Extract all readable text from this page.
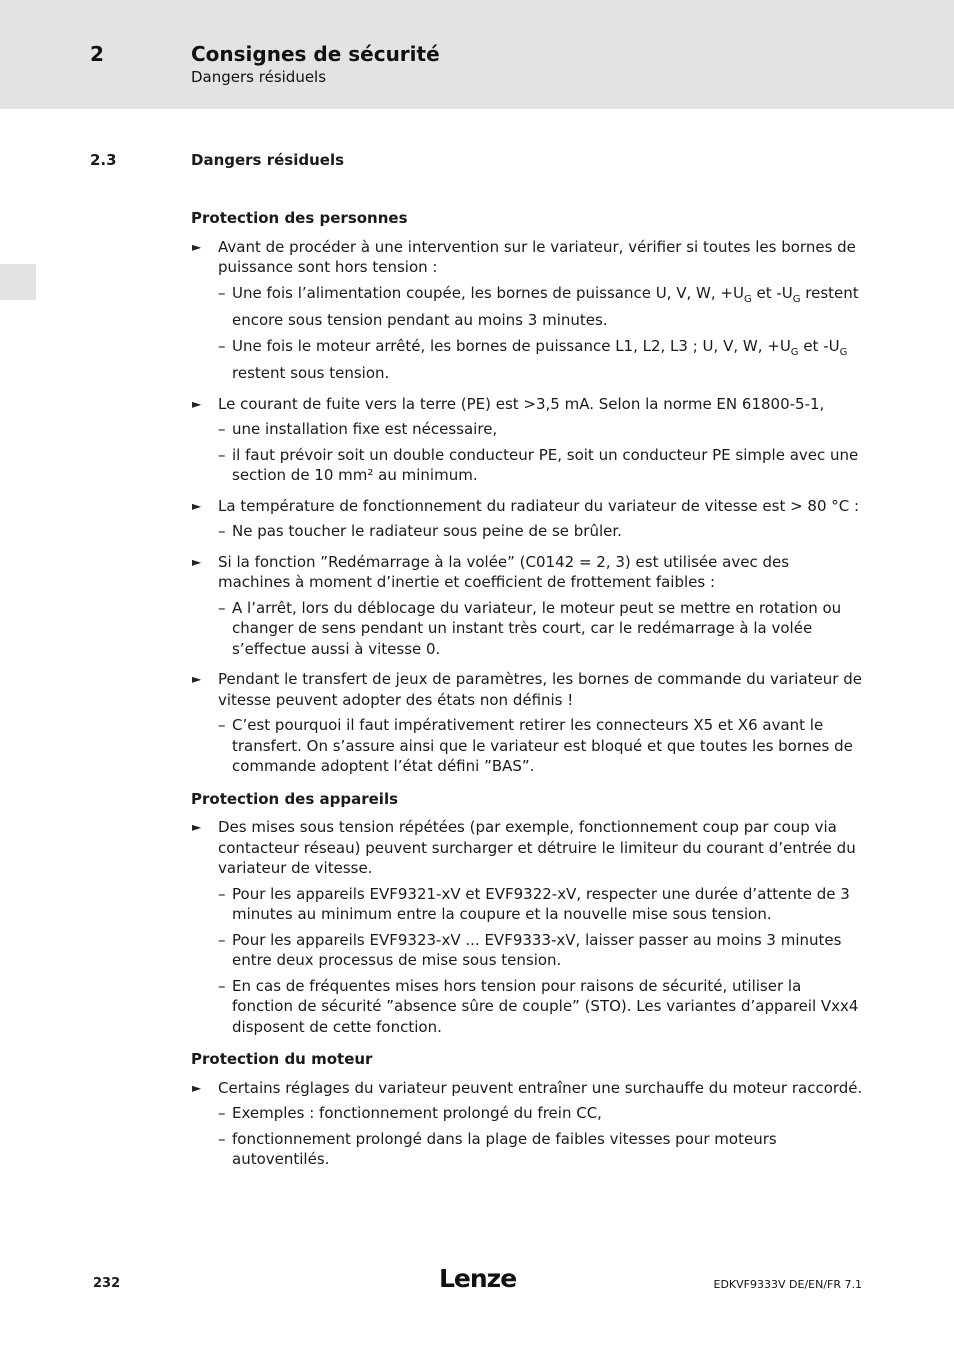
2	Consignes de sécurité
Dangers résiduels
2.3	Dangers résiduels
Protection des personnes
► Avant de procéder à une intervention sur le variateur, vérifier si toutes les bornes de puissance sont hors tension :
– Une fois l’alimentation coupée, les bornes de puissance U, V, W, $+U_G$ et $-U_G$ restent encore sous tension pendant au moins 3 minutes.
– Une fois le moteur arrêté, les bornes de puissance L1, L2, L3 ; U, V, W, $+U_G$ et $-U_G$ restent sous tension.
► Le courant de fuite vers la terre (PE) est >3,5 mA. Selon la norme EN 61800-5-1,
– une installation fixe est nécessaire,
– il faut prévoir soit un double conducteur PE, soit un conducteur PE simple avec une section de 10 mm² au minimum.
► La température de fonctionnement du radiateur du variateur de vitesse est > 80 °C :
– Ne pas toucher le radiateur sous peine de se brûler.
► Si la fonction ”Redémarrage à la volée” (C0142 = 2, 3) est utilisée avec des machines à moment d’inertie et coefficient de frottement faibles :
– A l’arrêt, lors du déblocage du variateur, le moteur peut se mettre en rotation ou changer de sens pendant un instant très court, car le redémarrage à la volée s’effectue aussi à vitesse 0.
► Pendant le transfert de jeux de paramètres, les bornes de commande du variateur de vitesse peuvent adopter des états non définis !
– C’est pourquoi il faut impérativement retirer les connecteurs X5 et X6 avant le transfert. On s’assure ainsi que le variateur est bloqué et que toutes les bornes de commande adoptent l’état défini ”BAS”.
Protection des appareils
► Des mises sous tension répétées (par exemple, fonctionnement coup par coup via contacteur réseau) peuvent surcharger et détruire le limiteur du courant d’entrée du variateur de vitesse.
– Pour les appareils EVF9321-xV et EVF9322-xV, respecter une durée d’attente de 3 minutes au minimum entre la coupure et la nouvelle mise sous tension.
– Pour les appareils EVF9323-xV ... EVF9333-xV, laisser passer au moins 3 minutes entre deux processus de mise sous tension.
– En cas de fréquentes mises hors tension pour raisons de sécurité, utiliser la fonction de sécurité ”absence sûre de couple” (STO). Les variantes d’appareil Vxx4 disposent de cette fonction.
Protection du moteur
► Certains réglages du variateur peuvent entraîner une surchauffe du moteur raccordé.
– Exemples : fonctionnement prolongé du frein CC,
– fonctionnement prolongé dans la plage de faibles vitesses pour moteurs autoventilés.
232	Lenze	EDKVF9333V DE/EN/FR 7.1
